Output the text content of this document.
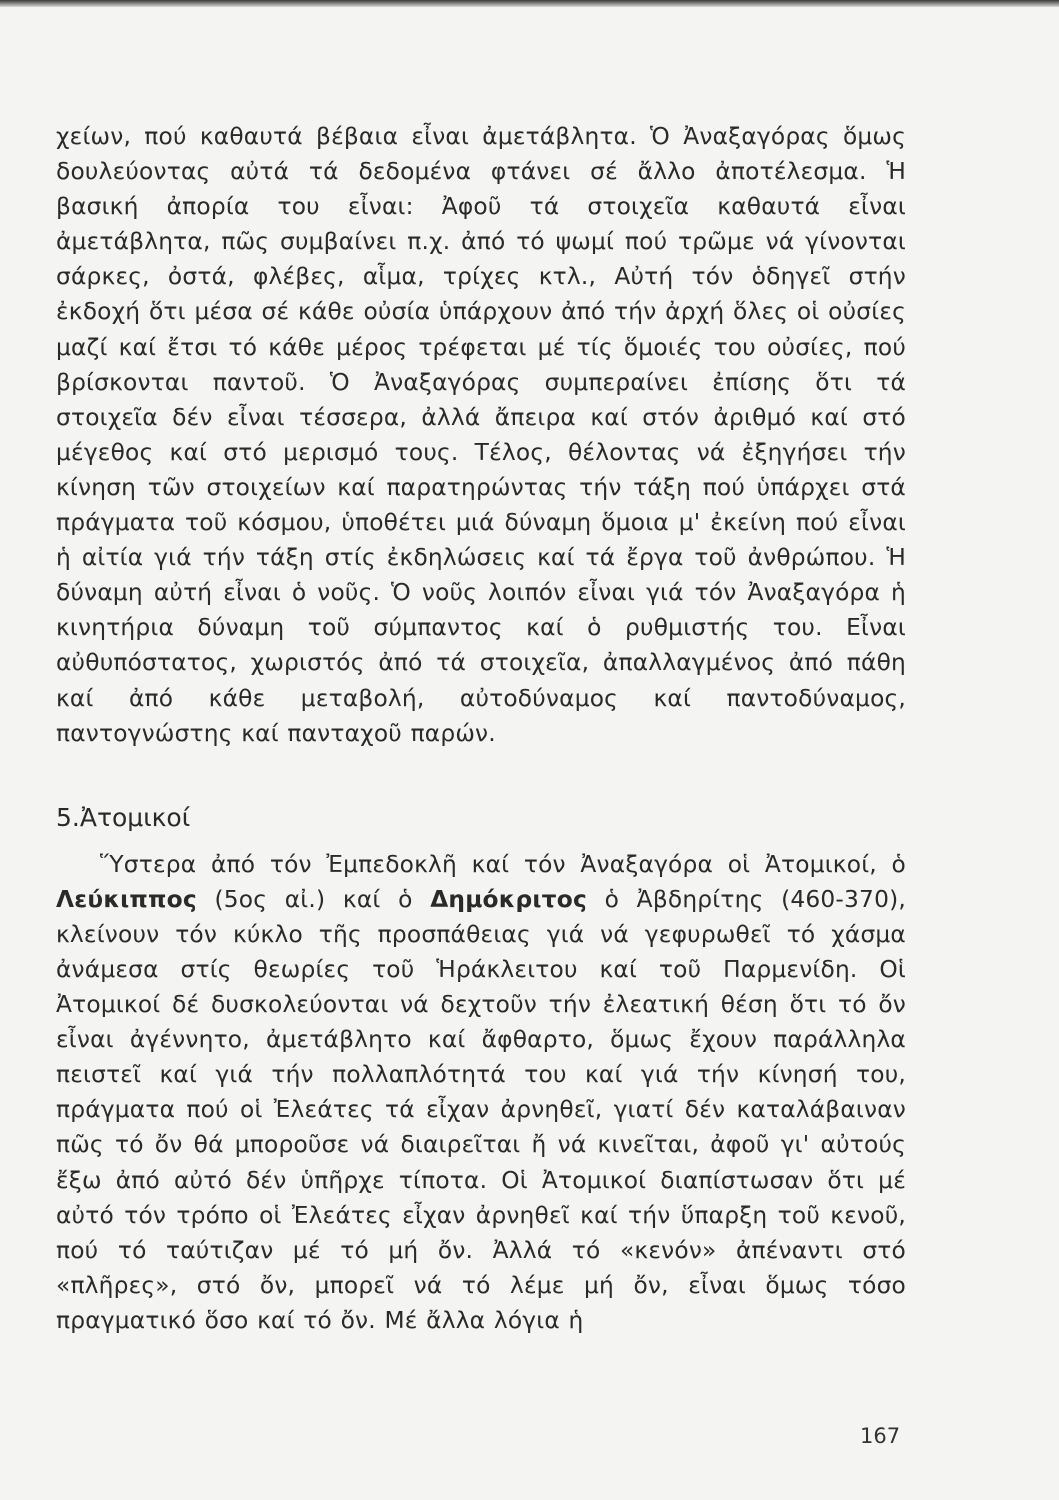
χείων, πού καθαυτά βέβαια εἶναι ἀμετάβλητα. Ὁ Ἀναξαγόρας ὅμως δουλεύοντας αὐτά τά δεδομένα φτάνει σέ ἄλλο ἀποτέλεσμα. Ἡ βασική ἀπορία του εἶναι: Ἀφοῦ τά στοιχεῖα καθαυτά εἶναι ἀμετάβλητα, πῶς συμβαίνει π.χ. ἀπό τό ψωμί πού τρῶμε νά γίνονται σάρκες, ὀστά, φλέβες, αἷμα, τρίχες κτλ., Αὐτή τόν ὁδηγεῖ στήν ἐκδοχή ὅτι μέσα σέ κάθε οὐσία ὑπάρχουν ἀπό τήν ἀρχή ὅλες οἱ οὐσίες μαζί καί ἔτσι τό κάθε μέρος τρέφεται μέ τίς ὅμοιές του οὐσίες, πού βρίσκονται παντοῦ. Ὁ Ἀναξαγόρας συμπεραίνει ἐπίσης ὅτι τά στοιχεῖα δέν εἶναι τέσσερα, ἀλλά ἄπειρα καί στόν ἀριθμό καί στό μέγεθος καί στό μερισμό τους. Τέλος, θέλοντας νά ἐξηγήσει τήν κίνηση τῶν στοιχείων καί παρατηρώντας τήν τάξη πού ὑπάρχει στά πράγματα τοῦ κόσμου, ὑποθέτει μιά δύναμη ὅμοια μ' ἐκείνη πού εἶναι ἡ αἰτία γιά τήν τάξη στίς ἐκδηλώσεις καί τά ἔργα τοῦ ἀνθρώπου. Ἡ δύναμη αὐτή εἶναι ὁ νοῦς. Ὁ νοῦς λοιπόν εἶναι γιά τόν Ἀναξαγόρα ἡ κινητήρια δύναμη τοῦ σύμπαντος καί ὁ ρυθμιστής του. Εἶναι αὐθυπόστατος, χωριστός ἀπό τά στοιχεῖα, ἀπαλλαγμένος ἀπό πάθη καί ἀπό κάθε μεταβολή, αὐτοδύναμος καί παντοδύναμος, παντογνώστης καί πανταχοῦ παρών.

5.Ἀτομικοί

Ὕστερα ἀπό τόν Ἐμπεδοκλῆ καί τόν Ἀναξαγόρα οἱ Ἀτομικοί, ὁ Λεύκιππος (5ος αἰ.) καί ὁ Δημόκριτος ὁ Ἀβδηρίτης (460-370), κλείνουν τόν κύκλο τῆς προσπάθειας γιά νά γεφυρωθεῖ τό χάσμα ἀνάμεσα στίς θεωρίες τοῦ Ἡράκλειτου καί τοῦ Παρμενίδη. Οἱ Ἀτομικοί δέ δυσκολεύονται νά δεχτοῦν τήν ἐλεατική θέση ὅτι τό ὄν εἶναι ἀγέννητο, ἀμετάβλητο καί ἄφθαρτο, ὅμως ἔχουν παράλληλα πειστεῖ καί γιά τήν πολλαπλότητά του καί γιά τήν κίνησή του, πράγματα πού οἱ Ἐλεάτες τά εἶχαν ἀρνηθεῖ, γιατί δέν καταλάβαιναν πῶς τό ὄν θά μποροῦσε νά διαιρεῖται ἤ νά κινεῖται, ἀφοῦ γι' αὐτούς ἔξω ἀπό αὐτό δέν ὑπῆρχε τίποτα. Οἱ Ἀτομικοί διαπίστωσαν ὅτι μέ αὐτό τόν τρόπο οἱ Ἐλεάτες εἶχαν ἀρνηθεῖ καί τήν ὕπαρξη τοῦ κενοῦ, πού τό ταύτιζαν μέ τό μή ὄν. Ἀλλά τό «κενόν» ἀπέναντι στό «πλῆρες», στό ὄν, μπορεῖ νά τό λέμε μή ὄν, εἶναι ὅμως τόσο πραγματικό ὅσο καί τό ὄν. Μέ ἄλλα λόγια ἡ

167
